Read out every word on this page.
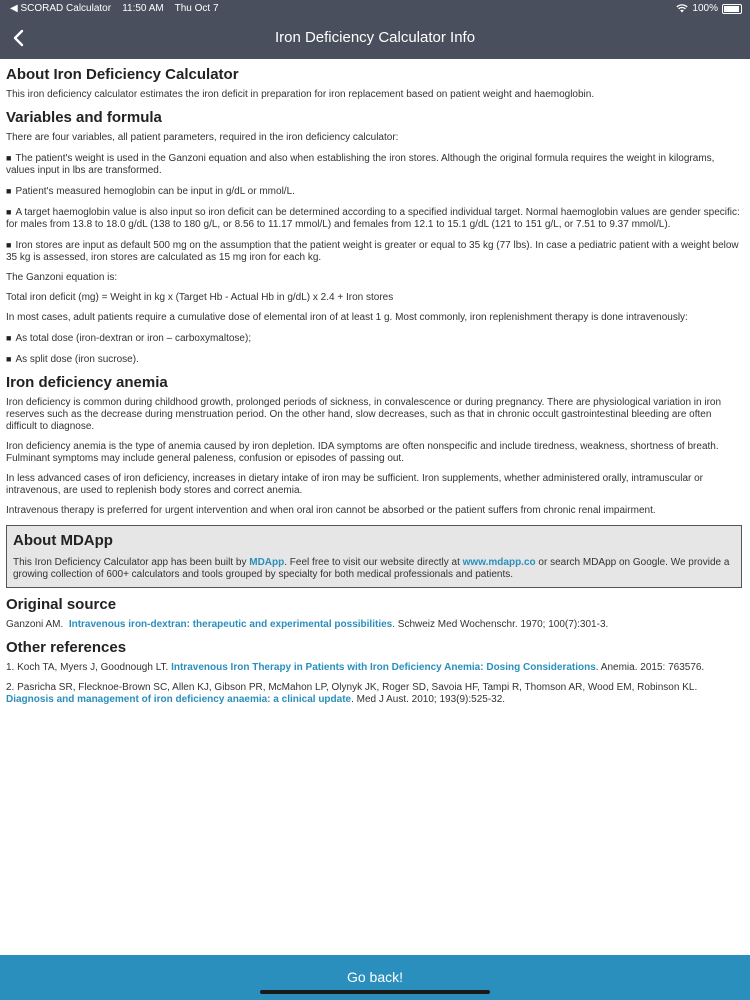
◀ SCORAD Calculator 11:50 AM Thu Oct 7	100%
Iron Deficiency Calculator Info
About Iron Deficiency Calculator

This iron deficiency calculator estimates the iron deficit in preparation for iron replacement based on patient weight and haemoglobin.

Variables and formula

There are four variables, all patient parameters, required in the iron deficiency calculator:

■ The patient's weight is used in the Ganzoni equation and also when establishing the iron stores. Although the original formula requires the weight in kilograms, values input in lbs are transformed.

■ Patient's measured hemoglobin can be input in g/dL or mmol/L.

■ A target haemoglobin value is also input so iron deficit can be determined according to a specified individual target. Normal haemoglobin values are gender specific: for males from 13.8 to 18.0 g/dL (138 to 180 g/L, or 8.56 to 11.17 mmol/L) and females from 12.1 to 15.1 g/dL (121 to 151 g/L, or 7.51 to 9.37 mmol/L).

■ Iron stores are input as default 500 mg on the assumption that the patient weight is greater or equal to 35 kg (77 lbs). In case a pediatric patient with a weight below 35 kg is assessed, iron stores are calculated as 15 mg iron for each kg.

The Ganzoni equation is:

Total iron deficit (mg) = Weight in kg x (Target Hb - Actual Hb in g/dL) x 2.4 + Iron stores

In most cases, adult patients require a cumulative dose of elemental iron of at least 1 g. Most commonly, iron replenishment therapy is done intravenously:

■ As total dose (iron-dextran or iron – carboxymaltose);

■ As split dose (iron sucrose).

Iron deficiency anemia

Iron deficiency is common during childhood growth, prolonged periods of sickness, in convalescence or during pregnancy. There are physiological variation in iron reserves such as the decrease during menstruation period. On the other hand, slow decreases, such as that in chronic occult gastrointestinal bleeding are often difficult to diagnose.

Iron deficiency anemia is the type of anemia caused by iron depletion. IDA symptoms are often nonspecific and include tiredness, weakness, shortness of breath. Fulminant symptoms may include general paleness, confusion or episodes of passing out.

In less advanced cases of iron deficiency, increases in dietary intake of iron may be sufficient. Iron supplements, whether administered orally, intramuscular or intravenous, are used to replenish body stores and correct anemia.

Intravenous therapy is preferred for urgent intervention and when oral iron cannot be absorbed or the patient suffers from chronic renal impairment.

About MDApp

This Iron Deficiency Calculator app has been built by MDApp. Feel free to visit our website directly at www.mdapp.co or search MDApp on Google. We provide a growing collection of 600+ calculators and tools grouped by specialty for both medical professionals and patients.

Original source

Ganzoni AM.  Intravenous iron-dextran: therapeutic and experimental possibilities. Schweiz Med Wochenschr. 1970; 100(7):301-3.

Other references

1. Koch TA, Myers J, Goodnough LT. Intravenous Iron Therapy in Patients with Iron Deficiency Anemia: Dosing Considerations. Anemia. 2015: 763576.

2. Pasricha SR, Flecknoe-Brown SC, Allen KJ, Gibson PR, McMahon LP, Olynyk JK, Roger SD, Savoia HF, Tampi R, Thomson AR, Wood EM, Robinson KL. Diagnosis and management of iron deficiency anaemia: a clinical update. Med J Aust. 2010; 193(9):525-32.

Go back!
